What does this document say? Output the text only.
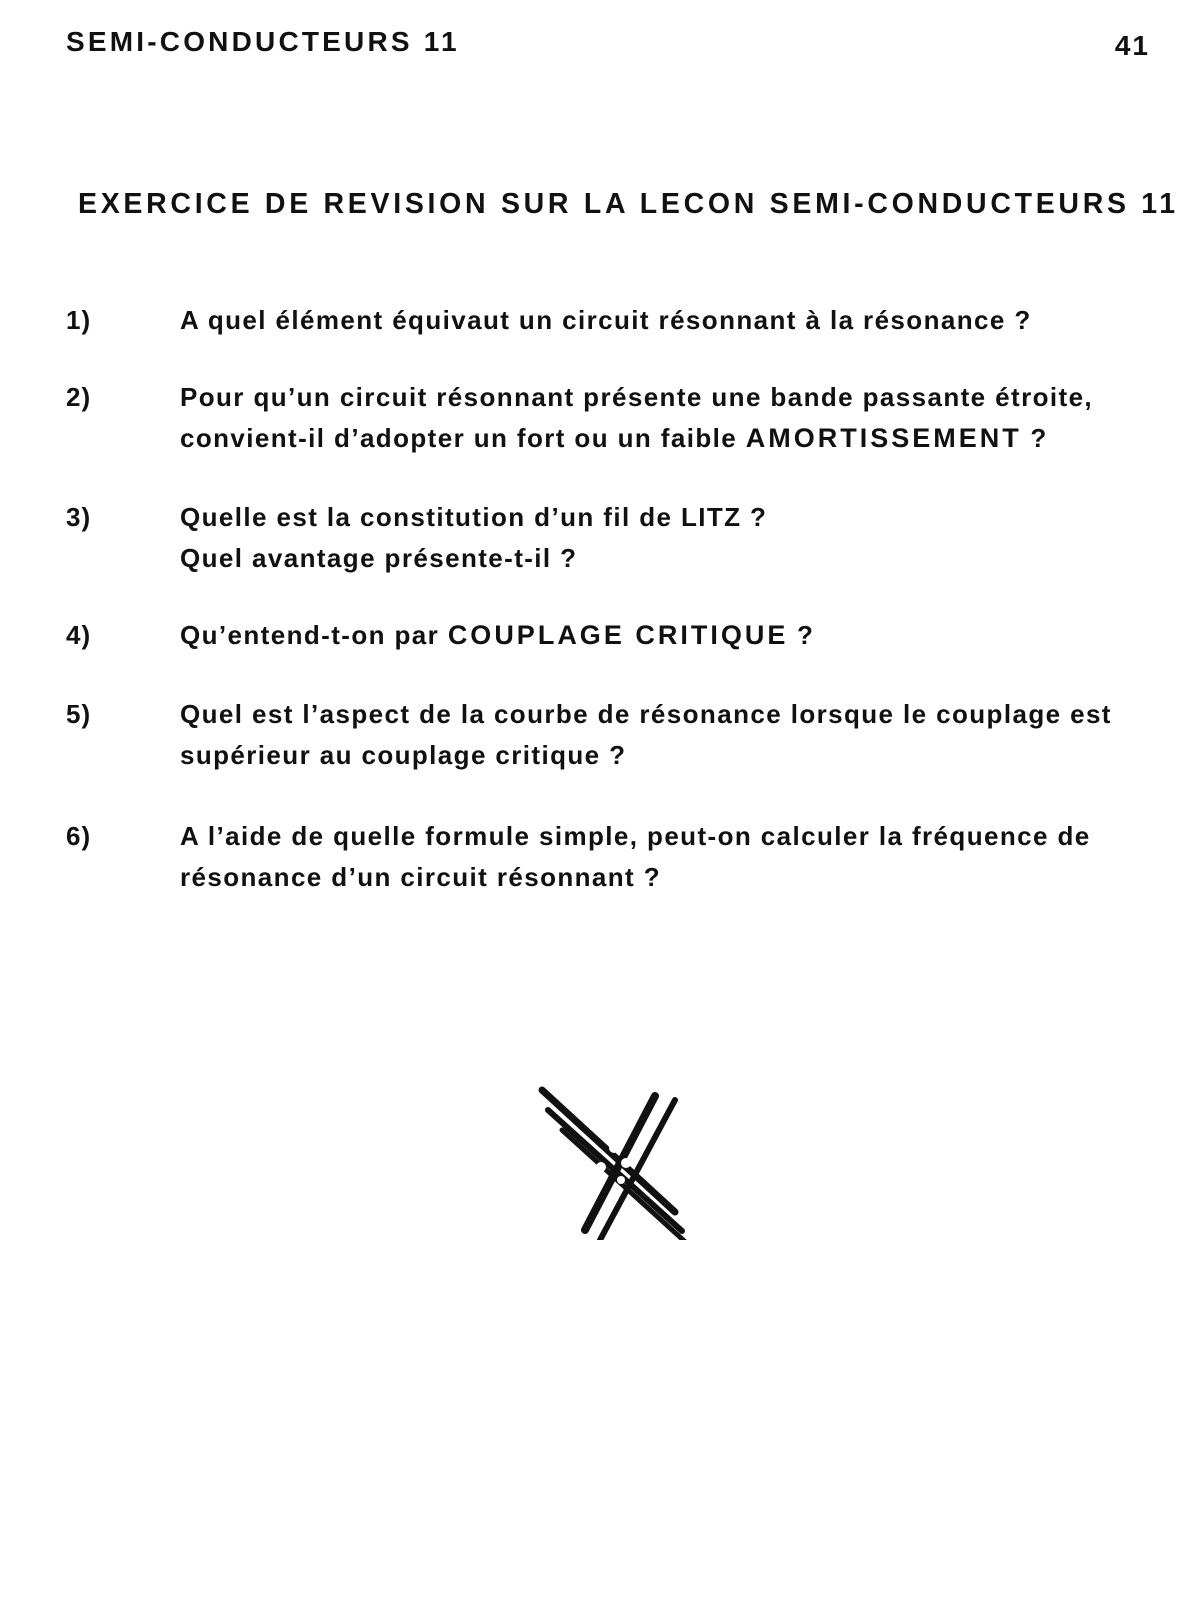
SEMI-CONDUCTEURS 11	41
EXERCICE DE REVISION SUR LA LECON SEMI-CONDUCTEURS 11
1)	A quel élément équivaut un circuit résonnant à la résonance ?
2)	Pour qu’un circuit résonnant présente une bande passante étroite,
convient-il d’adopter un fort ou un faible AMORTISSEMENT ?
3)	Quelle est la constitution d’un fil de LITZ ?
Quel avantage présente-t-il ?
4)	Qu’entend-t-on par COUPLAGE CRITIQUE ?
5)	Quel est l’aspect de la courbe de résonance lorsque le couplage est
supérieur au couplage critique ?
6)	A l’aide de quelle formule simple, peut-on calculer la fréquence de
résonance d’un circuit résonnant ?
